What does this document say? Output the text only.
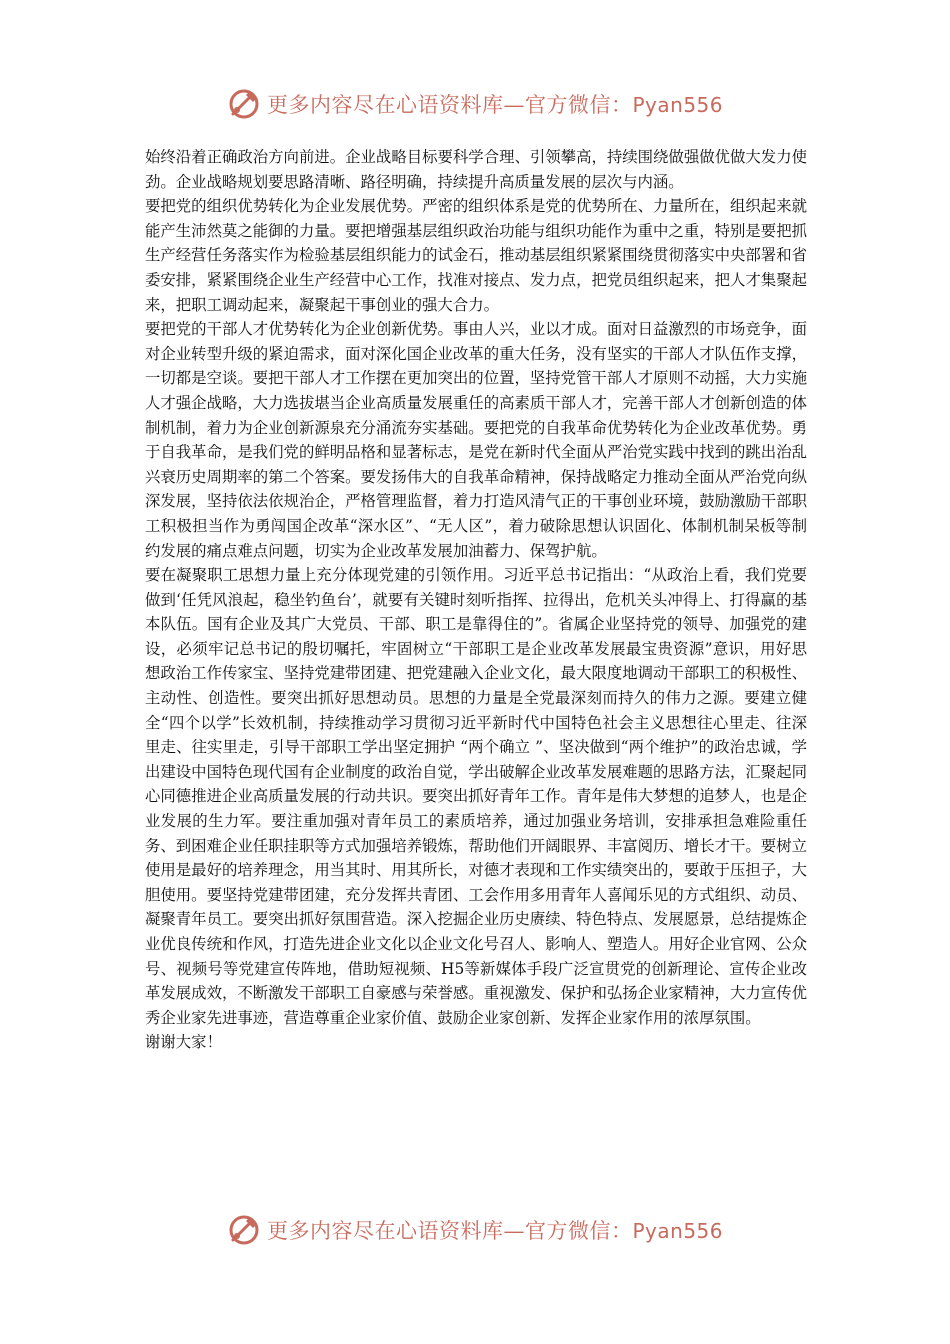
更多内容尽在心语资料库—官方微信：Pyan556

始终沿着正确政治方向前进。企业战略目标要科学合理、引领攀高，持续围绕做强做优做大发力使劲。企业战略规划要思路清晰、路径明确，持续提升高质量发展的层次与内涵。

要把党的组织优势转化为企业发展优势。严密的组织体系是党的优势所在、力量所在，组织起来就能产生沛然莫之能御的力量。要把增强基层组织政治功能与组织功能作为重中之重，特别是要把抓生产经营任务落实作为检验基层组织能力的试金石，推动基层组织紧紧围绕贯彻落实中央部署和省委安排，紧紧围绕企业生产经营中心工作，找准对接点、发力点，把党员组织起来，把人才集聚起来，把职工调动起来，凝聚起干事创业的强大合力。

要把党的干部人才优势转化为企业创新优势。事由人兴，业以才成。面对日益激烈的市场竞争，面对企业转型升级的紧迫需求，面对深化国企业改革的重大任务，没有坚实的干部人才队伍作支撑，一切都是空谈。要把干部人才工作摆在更加突出的位置，坚持党管干部人才原则不动摇，大力实施人才强企战略，大力选拔堪当企业高质量发展重任的高素质干部人才，完善干部人才创新创造的体制机制，着力为企业创新源泉充分涌流夯实基础。要把党的自我革命优势转化为企业改革优势。勇于自我革命，是我们党的鲜明品格和显著标志，是党在新时代全面从严治党实践中找到的跳出治乱兴衰历史周期率的第二个答案。要发扬伟大的自我革命精神，保持战略定力推动全面从严治党向纵深发展，坚持依法依规治企，严格管理监督，着力打造风清气正的干事创业环境，鼓励激励干部职工积极担当作为勇闯国企改革“深水区”、“无人区”，着力破除思想认识固化、体制机制呆板等制约发展的痛点难点问题，切实为企业改革发展加油蓄力、保驾护航。

要在凝聚职工思想力量上充分体现党建的引领作用。习近平总书记指出：“从政治上看，我们党要做到‘任凭风浪起，稳坐钓鱼台’，就要有关键时刻听指挥、拉得出，危机关头冲得上、打得赢的基本队伍。国有企业及其广大党员、干部、职工是靠得住的”。省属企业坚持党的领导、加强党的建设，必须牢记总书记的殷切嘱托，牢固树立“干部职工是企业改革发展最宝贵资源”意识，用好思想政治工作传家宝、坚持党建带团建、把党建融入企业文化，最大限度地调动干部职工的积极性、主动性、创造性。要突出抓好思想动员。思想的力量是全党最深刻而持久的伟力之源。要建立健全“四个以学”长效机制，持续推动学习贯彻习近平新时代中国特色社会主义思想往心里走、往深里走、往实里走，引导干部职工学出坚定拥护 “两个确立 ”、坚决做到“两个维护”的政治忠诚，学出建设中国特色现代国有企业制度的政治自觉，学出破解企业改革发展难题的思路方法，汇聚起同心同德推进企业高质量发展的行动共识。要突出抓好青年工作。青年是伟大梦想的追梦人，也是企业发展的生力军。要注重加强对青年员工的素质培养，通过加强业务培训，安排承担急难险重任务、到困难企业任职挂职等方式加强培养锻炼，帮助他们开阔眼界、丰富阅历、增长才干。要树立使用是最好的培养理念，用当其时、用其所长，对德才表现和工作实绩突出的，要敢于压担子，大胆使用。要坚持党建带团建，充分发挥共青团、工会作用多用青年人喜闻乐见的方式组织、动员、凝聚青年员工。要突出抓好氛围营造。深入挖掘企业历史赓续、特色特点、发展愿景，总结提炼企业优良传统和作风，打造先进企业文化以企业文化号召人、影响人、塑造人。用好企业官网、公众号、视频号等党建宣传阵地，借助短视频、H5等新媒体手段广泛宣贯党的创新理论、宣传企业改革发展成效，不断激发干部职工自豪感与荣誉感。重视激发、保护和弘扬企业家精神，大力宣传优秀企业家先进事迹，营造尊重企业家价值、鼓励企业家创新、发挥企业家作用的浓厚氛围。

谢谢大家！

更多内容尽在心语资料库—官方微信：Pyan556
